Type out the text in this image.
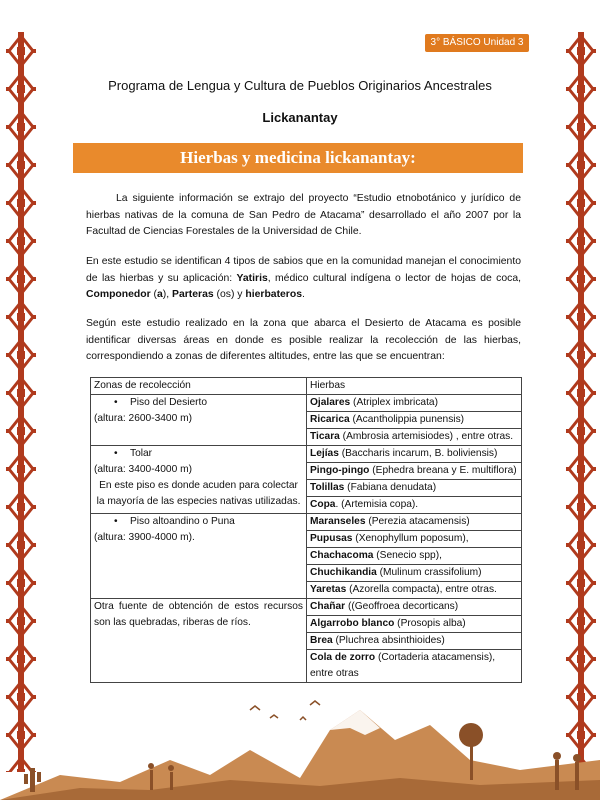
3° BÁSICO Unidad 3
Programa de Lengua y Cultura de Pueblos Originarios Ancestrales
Lickanantay
Hierbas y medicina lickanantay:
La siguiente información se extrajo del proyecto “Estudio etnobotánico y jurídico de hierbas nativas de la comuna de San Pedro de Atacama” desarrollado el año 2007 por la Facultad de Ciencias Forestales de la Universidad de Chile.
En este estudio se identifican 4 tipos de sabios que en la comunidad manejan el conocimiento de las hierbas y su aplicación: Yatiris, médico cultural indígena o lector de hojas de coca, Componedor (a), Parteras (os) y hierbateros.
Según este estudio realizado en la zona que abarca el Desierto de Atacama es posible identificar diversas áreas en donde es posible realizar la recolección de las hierbas, correspondiendo a zonas de diferentes altitudes, entre las que se encuentran:
Zonas de recolección	Hierbas

• Piso del Desierto
(altura: 2600-3400 m)	Ojalares (Atriplex imbricata)
	Ricarica (Acantholippia punensis)
	Ticara (Ambrosia artemisiodes) , entre otras.

• Tolar
(altura: 3400-4000 m)
En este piso es donde acuden para colectar la mayoría de las especies nativas utilizadas.	Lejías (Baccharis incarum, B. boliviensis)
	Pingo-pingo (Ephedra breana y E. multiflora)
	Tolillas (Fabiana denudata)
	Copa. (Artemisia copa).

• Piso altoandino o Puna
(altura: 3900-4000 m).	Maranseles (Perezia atacamensis)
	Pupusas (Xenophyllum poposum),
	Chachacoma (Senecio spp),
	Chuchikandia (Mulinum crassifolium)
	Yaretas (Azorella compacta), entre otras.
Otra fuente de obtención de estos recursos son las quebradas, riberas de ríos.	Chañar ((Geoffroea decorticans)
	Algarrobo blanco (Prosopis alba)
	Brea (Pluchrea absinthioides)
	Cola de zorro (Cortaderia atacamensis), entre otras
